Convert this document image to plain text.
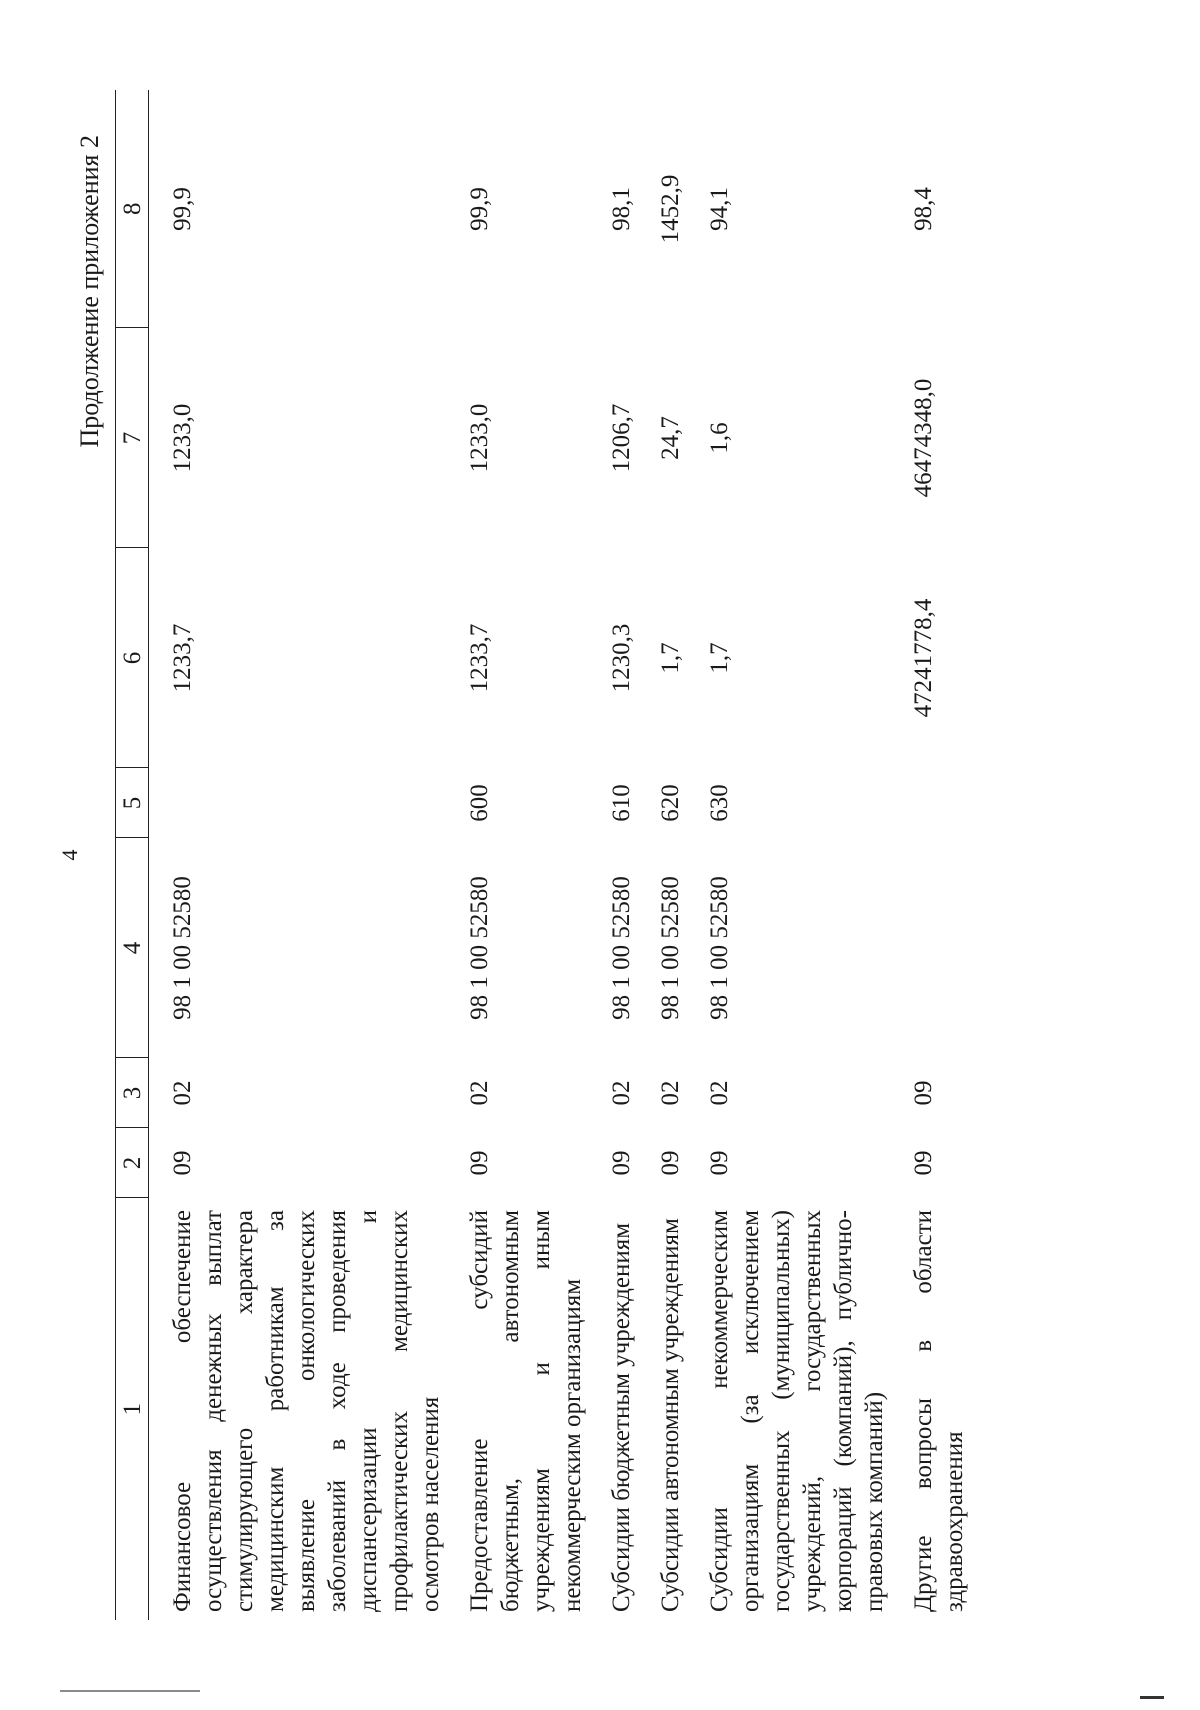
4
Продолжение приложения 2
1	2	3	4	5	6	7	8
Финансовое обеспечение осуществления денежных выплат стимулирующего характера медицинским работникам за выявление онкологических заболеваний в ходе проведения диспансеризации и профилактических медицинских осмотров населения	09	02	98 1 00 52580		1233,7	1233,0	99,9
Предоставление субсидий бюджетным, автономным учреждениям и иным некоммерческим организациям	09	02	98 1 00 52580	600	1233,7	1233,0	99,9
Субсидии бюджетным учреждениям	09	02	98 1 00 52580	610	1230,3	1206,7	98,1
Субсидии автономным учреждениям	09	02	98 1 00 52580	620	1,7	24,7	1452,9
Субсидии некоммерческим организациям (за исключением государственных (муниципальных) учреждений, государственных корпораций (компаний), публично-правовых компаний)	09	02	98 1 00 52580	630	1,7	1,6	94,1
Другие вопросы в области здравоохранения	09	09			47241778,4	46474348,0	98,4
